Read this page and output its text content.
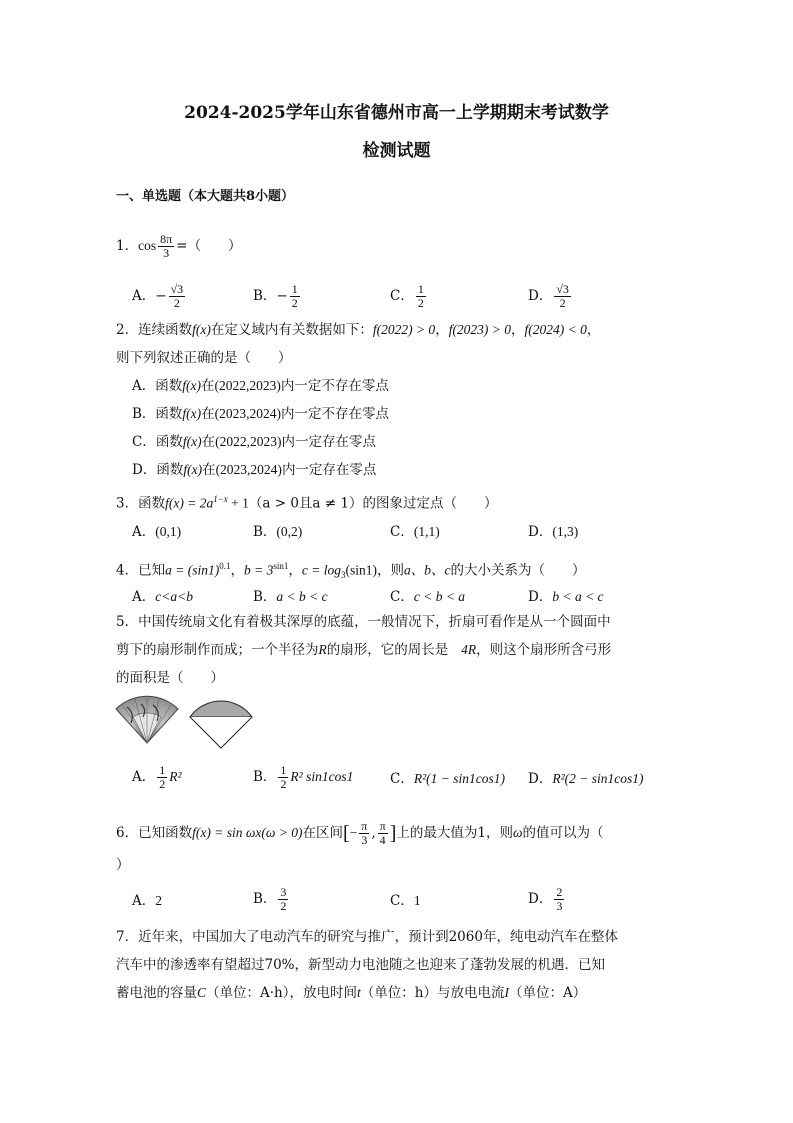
2024-2025学年山东省德州市高一上学期期末考试数学
检测试题
一、单选题（本大题共8小题）
1．$\cos \frac{8\pi}{3}$ =（　　）
A．− $\frac{√3}{2}$	B．− $\frac{1}{2}$	C． $\frac{1}{2}$	D． $\frac{√3}{2}$
2．连续函数f(x)在定义域内有关数据如下：f(2022) > 0，f(2023) > 0，f(2024) < 0，
则下列叙述正确的是（　　）
A．函数f(x)在(2022,2023)内一定不存在零点
B．函数f(x)在(2023,2024)内一定不存在零点
C．函数f(x)在(2022,2023)内一定存在零点
D．函数f(x)在(2023,2024)内一定存在零点
3．函数$f(x) = 2a^{1-x} + 1(a > 0$且a ≠ 1）的图象过定点（　　）
A．(0,1)	B．(0,2)	C．(1,1)	D．(1,3)
4．已知$a = (\sin 1)^{0.1}$，$b = 3^{sin1}$，$c = \log_3(\sin 1)$，则a、b、c的大小关系为（　　）
A．c<a<b	B．a < b < c	C．c < b < a	D．b < a < c
5．中国传统扇文化有着极其深厚的底蕴，一般情况下，折扇可看作是从一个圆面中
剪下的扇形制作而成；一个半径为R的扇形，它的周长是 4R，则这个扇形所含弓形
的面积是（　　）
A． $\frac{1}{2} R^2$	B． $\frac{1}{2} R^2$ sin1cos1	C．R²(1 − sin1cos1) D．R²(2 − sin1cos1)
6．已知函数f(x) = sin ωx(ω > 0)在区间[− $\frac{\pi}{3}$ , $\frac{\pi}{4}$ ]上的最大值为1，则ω的值可以为（
）
A．2	B． $\frac{3}{2}$	C．1	D． $\frac{2}{3}$
7．近年来，中国加大了电动汽车的研究与推广，预计到2060年，纯电动汽车在整体
汽车中的渗透率有望超过70%，新型动力电池随之也迎来了蓬勃发展的机遇．已知
蓄电池的容量C（单位：A·h），放电时间t（单位：h）与放电电流I（单位：A）
